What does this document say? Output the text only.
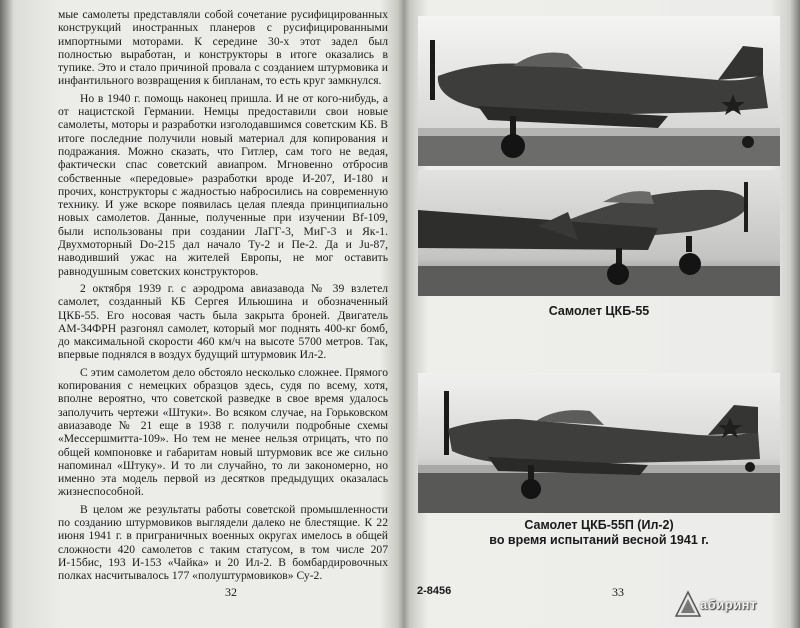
мые самолеты представляли собой сочетание русифицированных конструкций иностранных планеров с русифицированными импортными моторами. К середине 30-х этот задел был полностью выработан, и конструкторы в итоге оказались в тупике. Это и стало причиной провала с созданием штурмовика и инфантильного возвращения к бипланам, то есть круг замкнулся.

Но в 1940 г. помощь наконец пришла. И не от кого-нибудь, а от нацистской Германии. Немцы предоставили свои новые самолеты, моторы и разработки изголодавшимся советским КБ. В итоге последние получили новый материал для копирования и подражания. Можно сказать, что Гитлер, сам того не ведая, фактически спас советский авиапром. Мгновенно отбросив собственные «передовые» разработки вроде И-207, И-180 и прочих, конструкторы с жадностью набросились на современную технику. И уже вскоре появилась целая плеяда принципиально новых самолетов. Данные, полученные при изучении Bf-109, были использованы при создании ЛаГГ-3, МиГ-3 и Як-1. Двухмоторный Do-215 дал начало Ту-2 и Пе-2. Да и Ju-87, наводивший ужас на жителей Европы, не мог оставить равнодушным советских конструкторов.

2 октября 1939 г. с аэродрома авиазавода № 39 взлетел самолет, созданный КБ Сергея Ильюшина и обозначенный ЦКБ-55. Его носовая часть была закрыта броней. Двигатель АМ-34ФРН разгонял самолет, который мог поднять 400-кг бомб, до максимальной скорости 460 км/ч на высоте 5700 метров. Так, впервые поднялся в воздух будущий штурмовик Ил-2.

С этим самолетом дело обстояло несколько сложнее. Прямого копирования с немецких образцов здесь, судя по всему, хотя, вполне вероятно, что советской разведке в свое время удалось заполучить чертежи «Штуки». Во всяком случае, на Горьковском авиазаводе № 21 еще в 1938 г. получили подробные схемы «Мессершмитта-109». Но тем не менее нельзя отрицать, что по общей компоновке и габаритам новый штурмовик все же сильно напоминал «Штуку». И то ли случайно, то ли закономерно, но именно эта модель первой из десятков предыдущих оказалась жизнеспособной.

В целом же результаты работы советской промышленности по созданию штурмовиков выглядели далеко не блестящие. К 22 июня 1941 г. в приграничных военных округах имелось в общей сложности 420 самолетов с таким статусом, в том числе 207 И-15бис, 193 И-153 «Чайка» и 20 Ил-2. В бомбардировочных полках насчитывалось 177 «полуштурмовиков» Су-2.

32
Самолет ЦКБ-55
Самолет ЦКБ-55П (Ил-2)
во время испытаний весной 1941 г.
2-8456	33
абиринт
